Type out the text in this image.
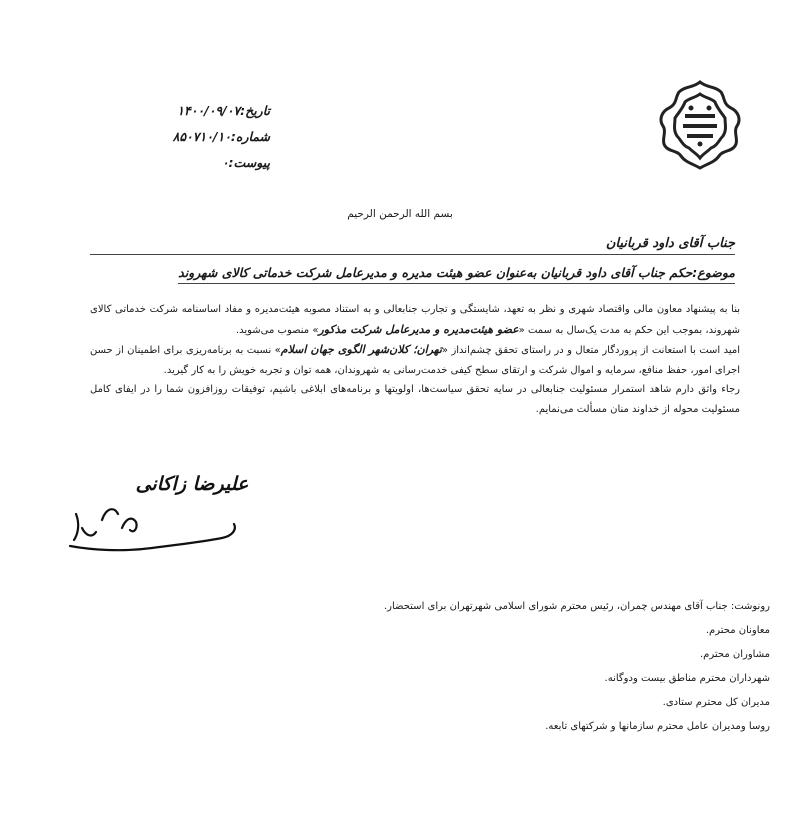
تاریخ:۱۴۰۰/۰۹/۰۷
شماره:۸۵۰۷۱۰/۱۰
پیوست:۰
بسم الله الرحمن الرحیم
جناب آقای داود قربانیان
موضوع:حکم جناب آقای داود قربانیان به‌عنوان عضو هیئت مدیره و مدیرعامل شرکت خدماتی کالای شهروند

بنا به پیشنهاد معاون مالی واقتصاد شهری و نظر به تعهد، شایستگی و تجارب جنابعالی و به استناد مصوبه هیئت‌مدیره و مفاد اساسنامه شرکت خدماتی کالای شهروند، بموجب این حکم به مدت یک‌سال به سمت «عضو هیئت‌مدیره و مدیرعامل شرکت مذکور» منصوب می‌شوید.

امید است با استعانت از پروردگار متعال و در راستای تحقق چشم‌انداز «تهران؛ کلان‌شهر الگوی جهان اسلام» نسبت به برنامه‌ریزی برای اطمینان از حسن اجرای امور، حفظ منافع، سرمایه و اموال شرکت و ارتقای سطح کیفی خدمت‌رسانی به شهروندان، همه توان و تجربه خویش را به کار گیرید.

رجاء واثق دارم شاهد استمرار مسئولیت جنابعالی در سایه تحقق سیاست‌ها، اولویتها و برنامه‌های ابلاغی باشیم، توفیقات روزافزون شما را در ایفای کامل مسئولیت محوله از خداوند منان مسألت می‌نمایم.

علیرضا زاکانی
رونوشت: جناب آقای مهندس چمران، رئیس محترم شورای اسلامی شهرتهران برای استحضار.
معاونان محترم.
مشاوران محترم.
شهرداران محترم مناطق بیست ودوگانه.
مدیران کل محترم ستادی.
روسا ومدیران عامل محترم سازمانها و شرکتهای تابعه.
